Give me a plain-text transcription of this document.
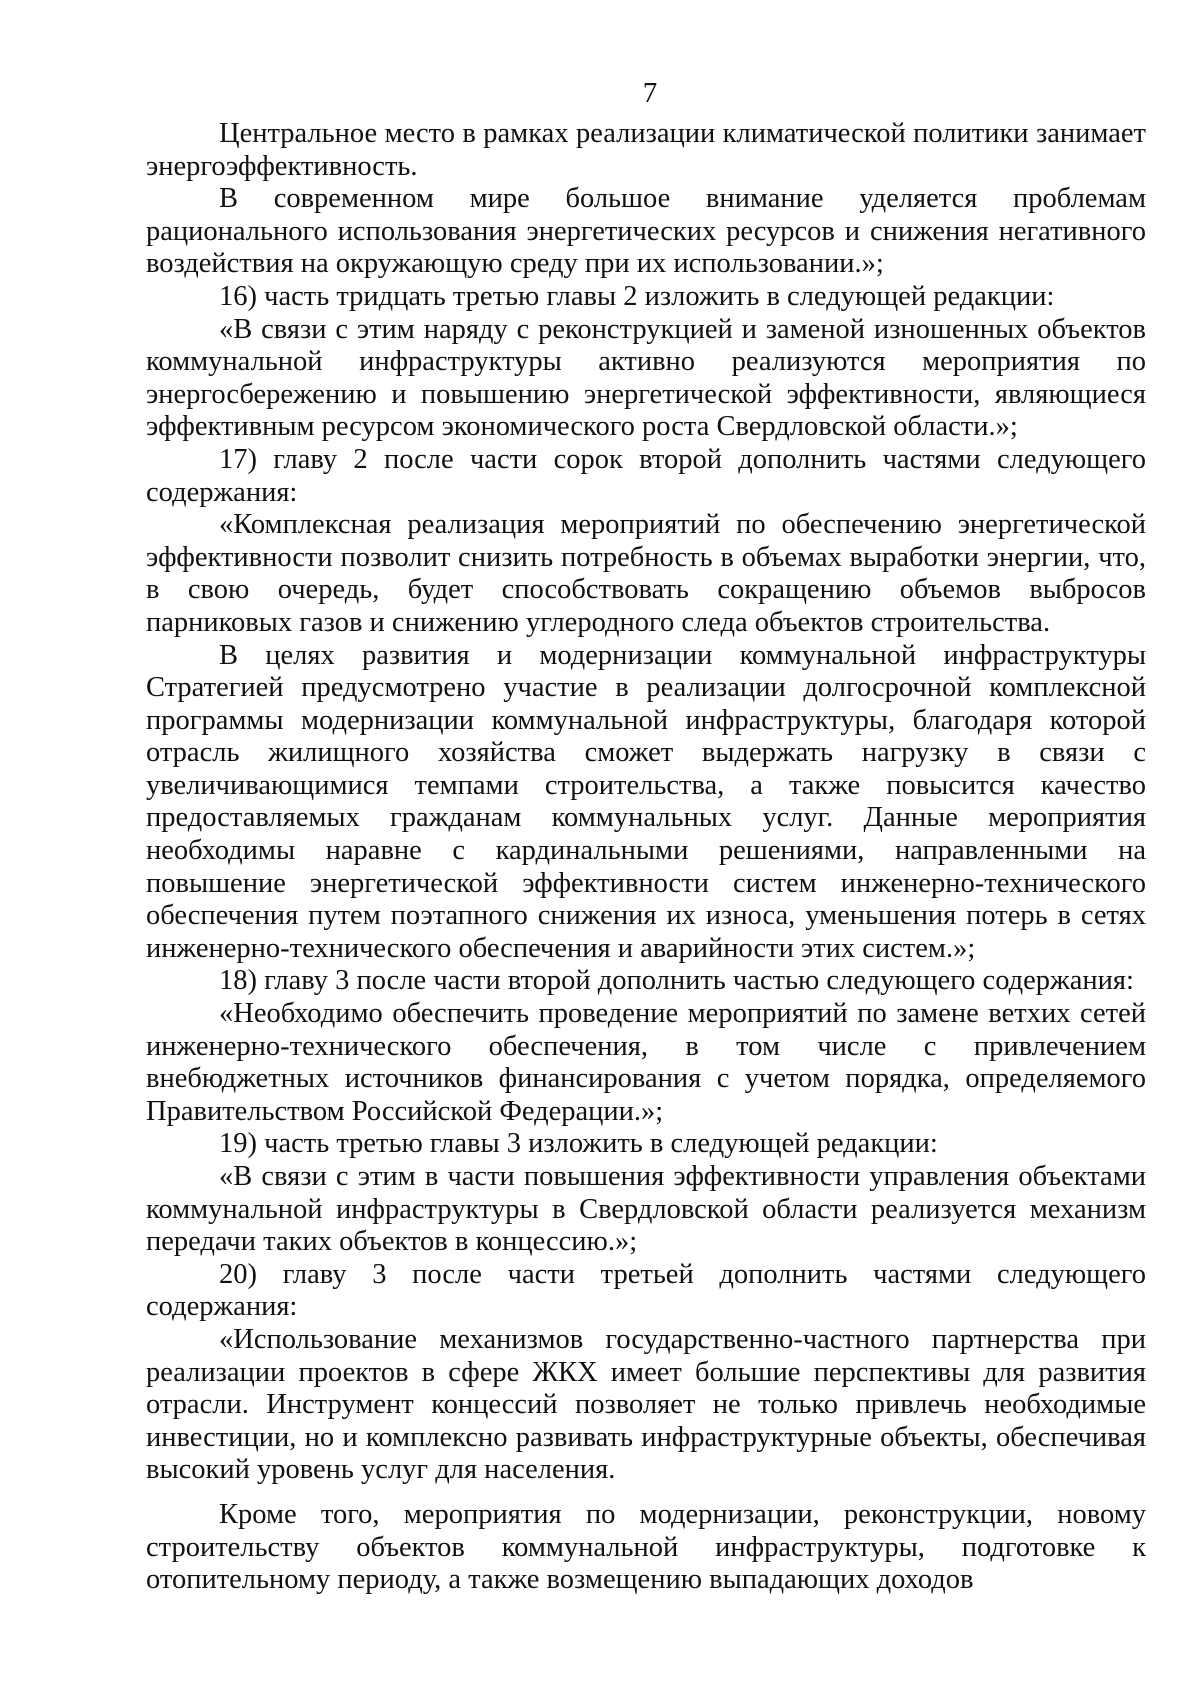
7

Центральное место в рамках реализации климатической политики занимает энергоэффективность.

В современном мире большое внимание уделяется проблемам рационального использования энергетических ресурсов и снижения негативного воздействия на окружающую среду при их использовании.»;

16) часть тридцать третью главы 2 изложить в следующей редакции:

«В связи с этим наряду с реконструкцией и заменой изношенных объектов коммунальной инфраструктуры активно реализуются мероприятия по энергосбережению и повышению энергетической эффективности, являющиеся эффективным ресурсом экономического роста Свердловской области.»;

17) главу 2 после части сорок второй дополнить частями следующего содержания:

«Комплексная реализация мероприятий по обеспечению энергетической эффективности позволит снизить потребность в объемах выработки энергии, что, в свою очередь, будет способствовать сокращению объемов выбросов парниковых газов и снижению углеродного следа объектов строительства.

В целях развития и модернизации коммунальной инфраструктуры Стратегией предусмотрено участие в реализации долгосрочной комплексной программы модернизации коммунальной инфраструктуры, благодаря которой отрасль жилищного хозяйства сможет выдержать нагрузку в связи с увеличивающимися темпами строительства, а также повысится качество предоставляемых гражданам коммунальных услуг. Данные мероприятия необходимы наравне с кардинальными решениями, направленными на повышение энергетической эффективности систем инженерно-технического обеспечения путем поэтапного снижения их износа, уменьшения потерь в сетях инженерно-технического обеспечения и аварийности этих систем.»;

18) главу 3 после части второй дополнить частью следующего содержания:

«Необходимо обеспечить проведение мероприятий по замене ветхих сетей инженерно-технического обеспечения, в том числе с привлечением внебюджетных источников финансирования с учетом порядка, определяемого Правительством Российской Федерации.»;

19) часть третью главы 3 изложить в следующей редакции:

«В связи с этим в части повышения эффективности управления объектами коммунальной инфраструктуры в Свердловской области реализуется механизм передачи таких объектов в концессию.»;

20) главу 3 после части третьей дополнить частями следующего содержания:

«Использование механизмов государственно-частного партнерства при реализации проектов в сфере ЖКХ имеет большие перспективы для развития отрасли. Инструмент концессий позволяет не только привлечь необходимые инвестиции, но и комплексно развивать инфраструктурные объекты, обеспечивая высокий уровень услуг для населения.

Кроме того, мероприятия по модернизации, реконструкции, новому строительству объектов коммунальной инфраструктуры, подготовке к отопительному периоду, а также возмещению выпадающих доходов
